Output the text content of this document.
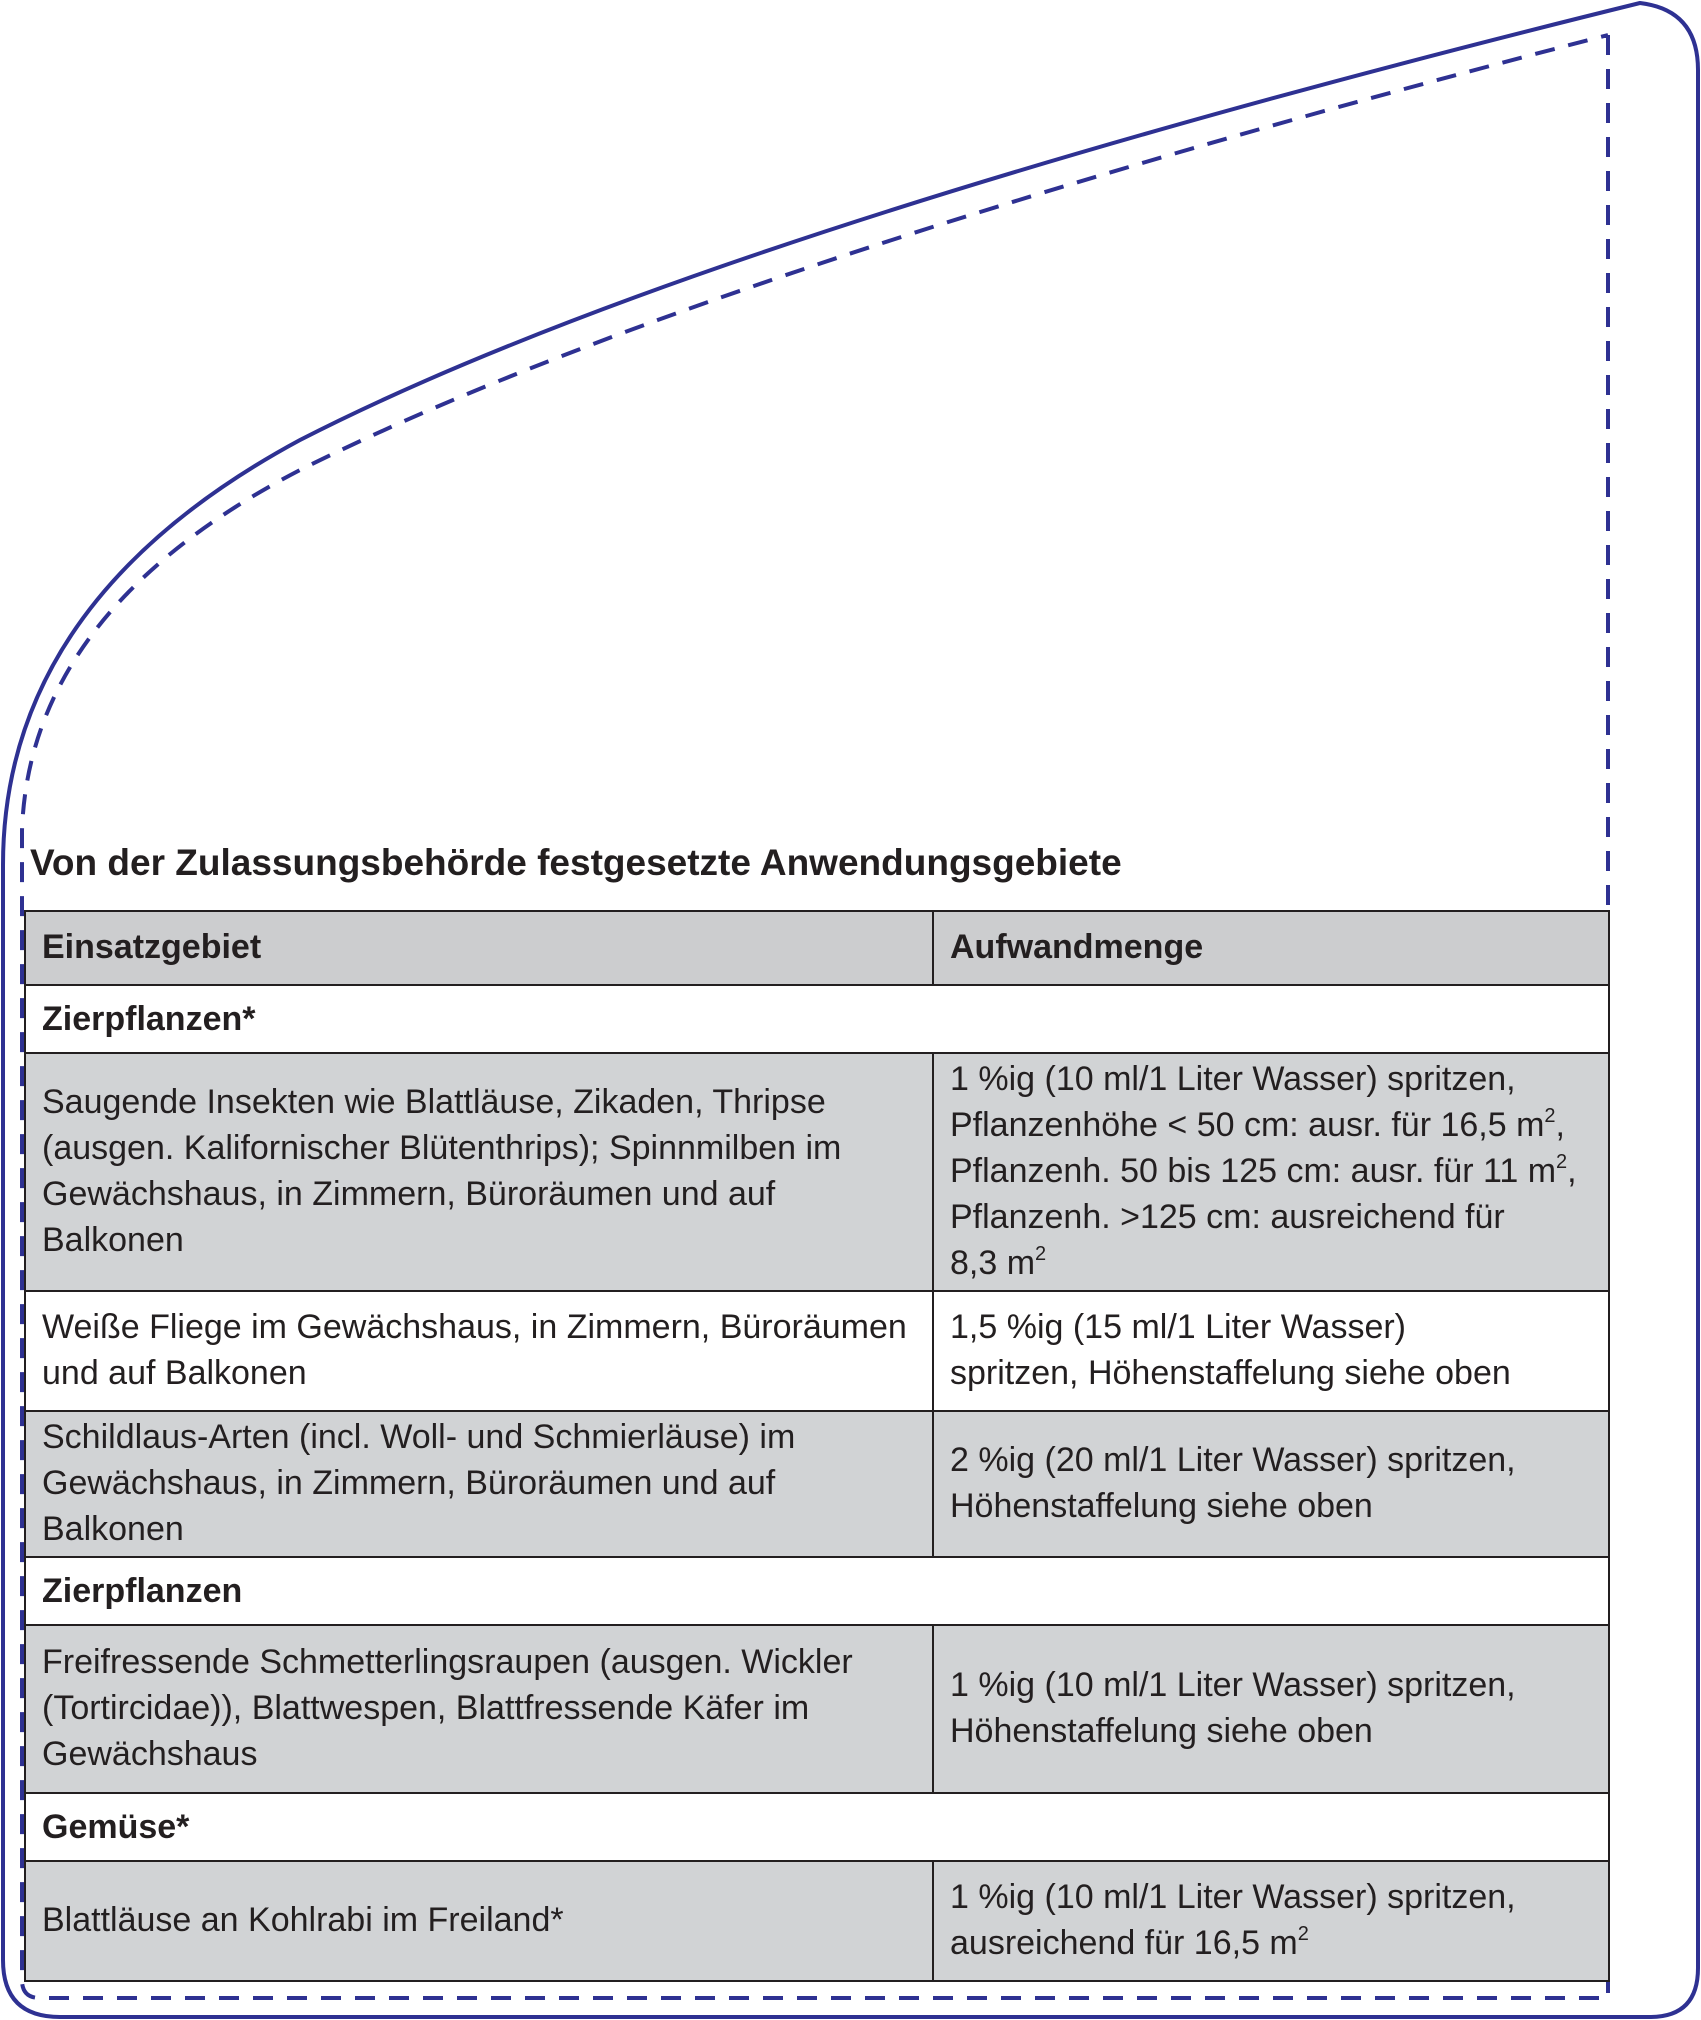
Von der Zulassungsbehörde festgesetzte Anwendungsgebiete
Einsatzgebiet	Aufwandmenge
Zierpflanzen*	

Saugende Insekten wie Blattläuse, Zikaden, Thripse (ausgen. Kalifornischer Blütenthrips); Spinnmilben im Gewächshaus, in Zimmern, Büroräumen und auf Balkonen	1 %ig (10 ml/1 Liter Wasser) spritzen,
Pflanzenhöhe < 50 cm: ausr. für 16,5 $m^2$,
Pflanzenh. 50 bis 125 cm: ausr. für 11 $m^2$,
Pflanzenh. >125 cm: ausreichend für
8,3 $m^2$

Weiße Fliege im Gewächshaus, in Zimmern, Büroräumen und auf Balkonen	1,5 %ig (15 ml/1 Liter Wasser)
spritzen, Höhenstaffelung siehe oben

Schildlaus-Arten (incl. Woll- und Schmierläuse) im Gewächshaus, in Zimmern, Büroräumen und auf Balkonen	2 %ig (20 ml/1 Liter Wasser) spritzen,
Höhenstaffelung siehe oben

Zierpflanzen	

Freifressende Schmetterlingsraupen (ausgen. Wickler (Tortircidae)), Blattwespen, Blattfressende Käfer im Gewächshaus	1 %ig (10 ml/1 Liter Wasser) spritzen,
Höhenstaffelung siehe oben

Gemüse*	

Blattläuse an Kohlrabi im Freiland*	1 %ig (10 ml/1 Liter Wasser) spritzen,
ausreichend für 16,5 $m^2$
